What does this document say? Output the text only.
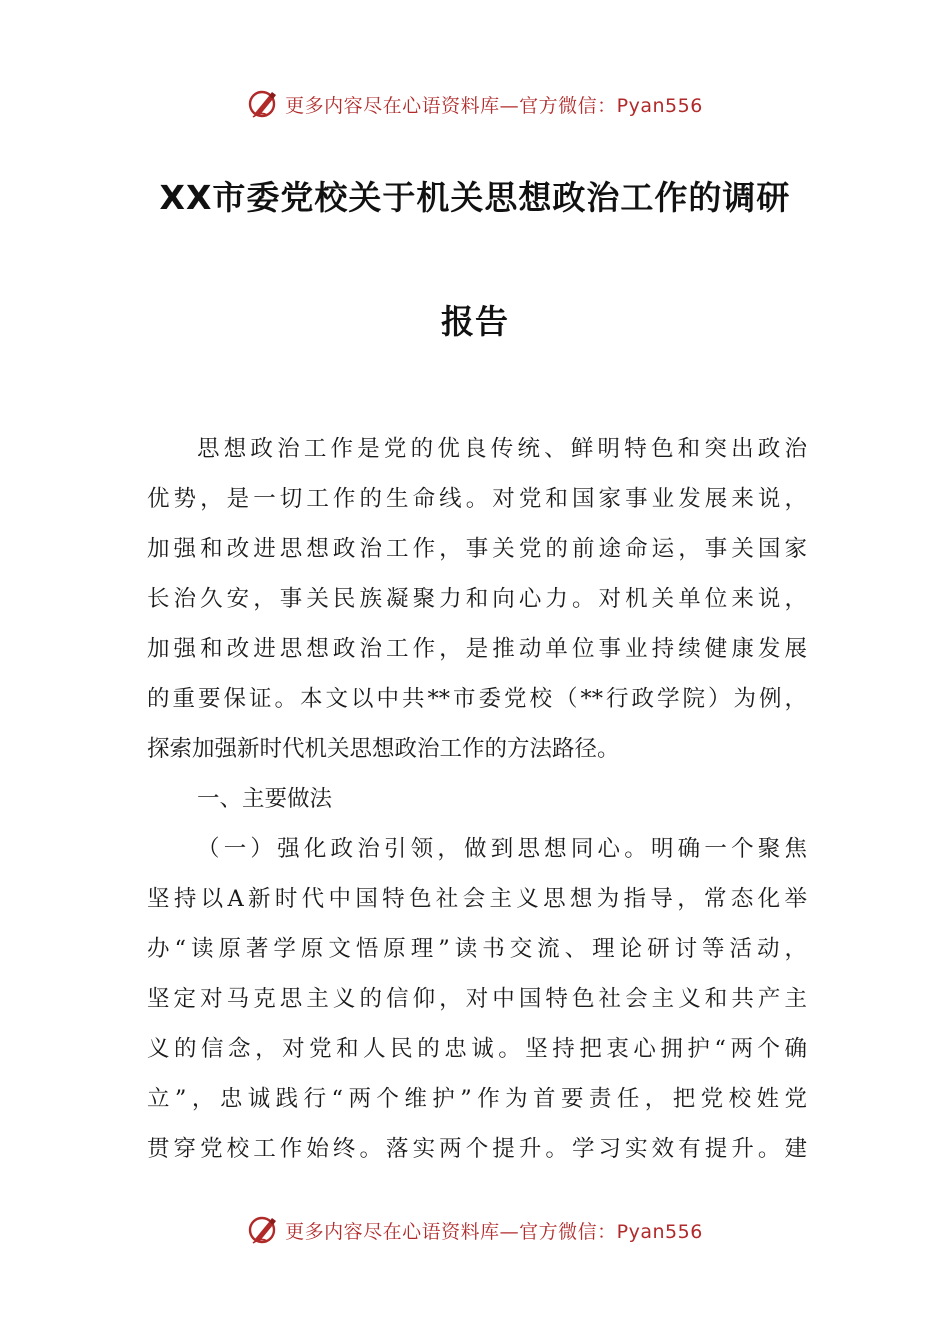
更多内容尽在心语资料库—官方微信：Pyan556
XX市委党校关于机关思想政治工作的调研
报告
思想政治工作是党的优良传统、鲜明特色和突出政治
优势，是一切工作的生命线。对党和国家事业发展来说，
加强和改进思想政治工作，事关党的前途命运，事关国家
长治久安，事关民族凝聚力和向心力。对机关单位来说，
加强和改进思想政治工作，是推动单位事业持续健康发展
的重要保证。本文以中共**市委党校（**行政学院）为例，
探索加强新时代机关思想政治工作的方法路径。
一、主要做法
（一）强化政治引领，做到思想同心。明确一个聚焦
坚持以A新时代中国特色社会主义思想为指导，常态化举
办“读原著学原文悟原理”读书交流、理论研讨等活动，
坚定对马克思主义的信仰，对中国特色社会主义和共产主
义的信念，对党和人民的忠诚。坚持把衷心拥护“两个确
立”，忠诚践行“两个维护”作为首要责任，把党校姓党
贯穿党校工作始终。落实两个提升。学习实效有提升。建
更多内容尽在心语资料库—官方微信：Pyan556
